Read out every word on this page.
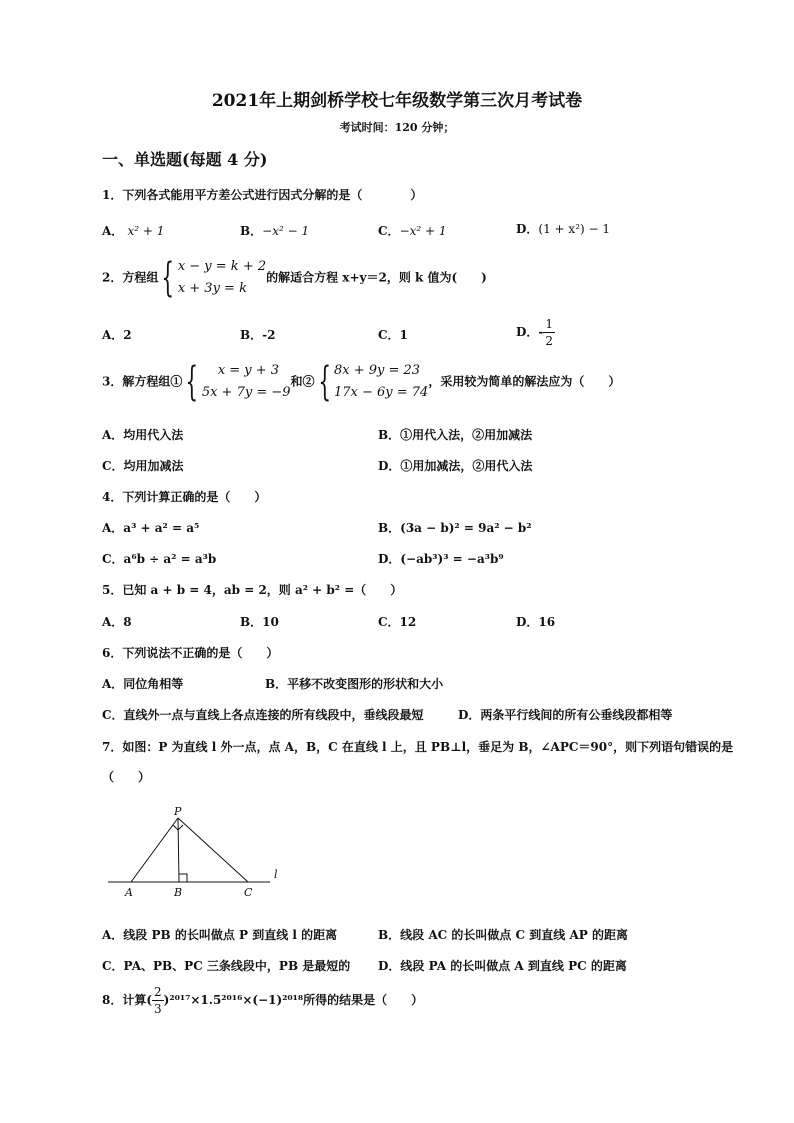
2021年上期剑桥学校七年级数学第三次月考试卷
考试时间：120 分钟；
一、单选题(每题 4 分)
1．下列各式能用平方差公式进行因式分解的是（　　　　）
A． x² + 1	B．−x² − 1	C．−x² + 1	D．(1 + x²) − 1
2．方程组 { x − y = k + 2
x + 3y = k
的解适合方程 x+y＝2，则 k 值为(　　)
A．2	B．-2	C．1	D．- $\frac{1}{2}$
3．解方程组① {	x = y + 3
5x + 7y = −9
和② { 8x + 9y = 23
17x − 6y = 74
，采用较为简单的解法应为（　　）
A．均用代入法	B．①用代入法，②用加减法
C．均用加减法	D．①用加减法，②用代入法
4．下列计算正确的是（　　）
A．a³ + a² = a⁵	B．(3a − b)² = 9a² − b²
C．a⁶b ÷ a² = a³b	D．(−ab³)³ = −a³b⁹
5．已知 a + b = 4，ab = 2，则 a² + b² =（　　）
A．8	B．10	C．12	D．16
6．下列说法不正确的是（　　）
A．同位角相等	B．平移不改变图形的形状和大小
C．直线外一点与直线上各点连接的所有线段中，垂线段最短	D．两条平行线间的所有公垂线段都相等
7．如图：P 为直线 l 外一点，点 A，B，C 在直线 l 上，且 PB⊥l，垂足为 B，∠APC＝90°，则下列语句错误的是
（　　）
P
A	B	C
l
A．线段 PB 的长叫做点 P 到直线 l 的距离	B．线段 AC 的长叫做点 C 到直线 AP 的距离
C．PA、PB、PC 三条线段中，PB 是最短的 D．线段 PA 的长叫做点 A 到直线 PC 的距离
8．计算( $\frac{2}{3} )^{2017}\times 1.5^{2016}\times(-1)^{2018}$所得的结果是（　　）
